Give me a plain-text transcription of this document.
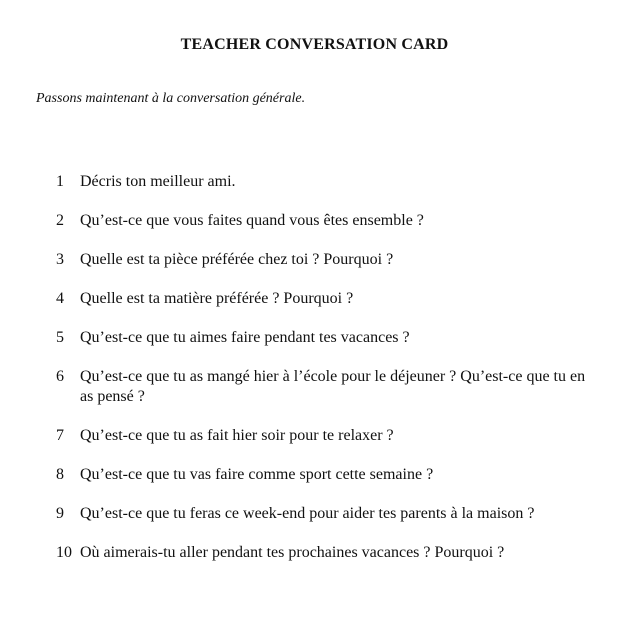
TEACHER CONVERSATION CARD
Passons maintenant à la conversation générale.
1	Décris ton meilleur ami.
2	Qu’est-ce que vous faites quand vous êtes ensemble ?
3	Quelle est ta pièce préférée chez toi ? Pourquoi ?
4	Quelle est ta matière préférée ? Pourquoi ?
5	Qu’est-ce que tu aimes faire pendant tes vacances ?
6	Qu’est-ce que tu as mangé hier à l’école pour le déjeuner ? Qu’est-ce que tu en as pensé ?
7	Qu’est-ce que tu as fait hier soir pour te relaxer ?
8	Qu’est-ce que tu vas faire comme sport cette semaine ?
9	Qu’est-ce que tu feras ce week-end pour aider tes parents à la maison ?
10 Où aimerais-tu aller pendant tes prochaines vacances ? Pourquoi ?
